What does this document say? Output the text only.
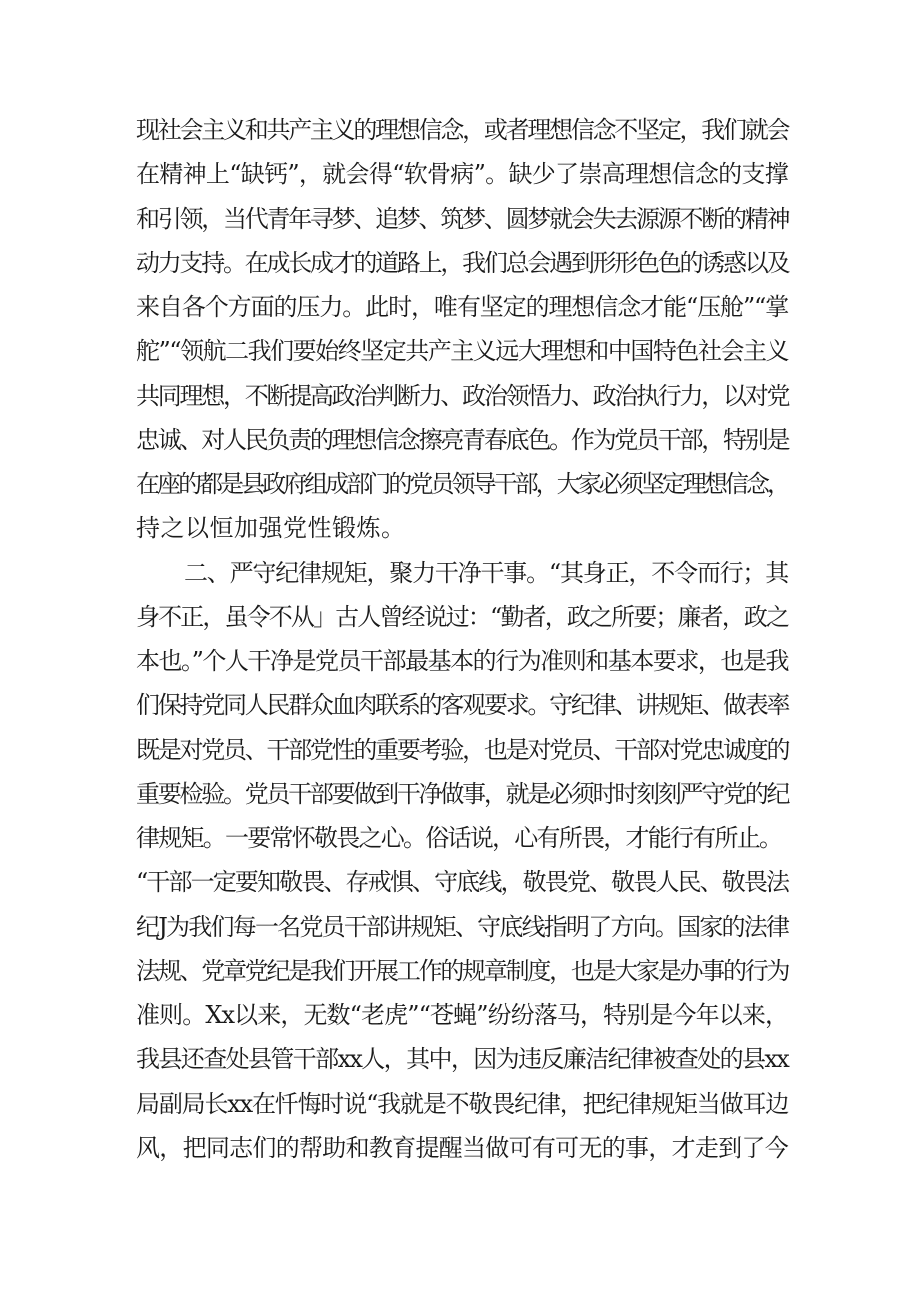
现社会主义和共产主义的理想信念，或者理想信念不坚定，我们就会
在精神上“缺钙”，就会得“软骨病”。缺少了崇高理想信念的支撑
和引领，当代青年寻梦、追梦、筑梦、圆梦就会失去源源不断的精神
动力支持。在成长成才的道路上，我们总会遇到形形色色的诱惑以及
来自各个方面的压力。此时，唯有坚定的理想信念才能“压舱”“掌
舵”“领航二我们要始终坚定共产主义远大理想和中国特色社会主义
共同理想，不断提高政治判断力、政治领悟力、政治执行力，以对党
忠诚、对人民负责的理想信念擦亮青春底色。作为党员干部，特别是
在座的都是县政府组成部门的党员领导干部，大家必须坚定理想信念，
持之以恒加强党性锻炼。
二、严守纪律规矩，聚力干净干事。“其身正，不令而行；其
身不正，虽令不从」古人曾经说过：“勤者，政之所要；廉者，政之
本也。”个人干净是党员干部最基本的行为准则和基本要求，也是我
们保持党同人民群众血肉联系的客观要求。守纪律、讲规矩、做表率
既是对党员、干部党性的重要考验，也是对党员、干部对党忠诚度的
重要检验。党员干部要做到干净做事，就是必须时时刻刻严守党的纪
律规矩。一要常怀敬畏之心。俗话说，心有所畏，才能行有所止。
“干部一定要知敬畏、存戒惧、守底线，敬畏党、敬畏人民、敬畏法
纪J为我们每一名党员干部讲规矩、守底线指明了方向。国家的法律
法规、党章党纪是我们开展工作的规章制度，也是大家是办事的行为
准则。Xx以来，无数“老虎”“苍蝇”纷纷落马，特别是今年以来，
我县还查处县管干部xx人，其中，因为违反廉洁纪律被查处的县xx
局副局长xx在忏悔时说“我就是不敬畏纪律，把纪律规矩当做耳边
风，把同志们的帮助和教育提醒当做可有可无的事，才走到了今
